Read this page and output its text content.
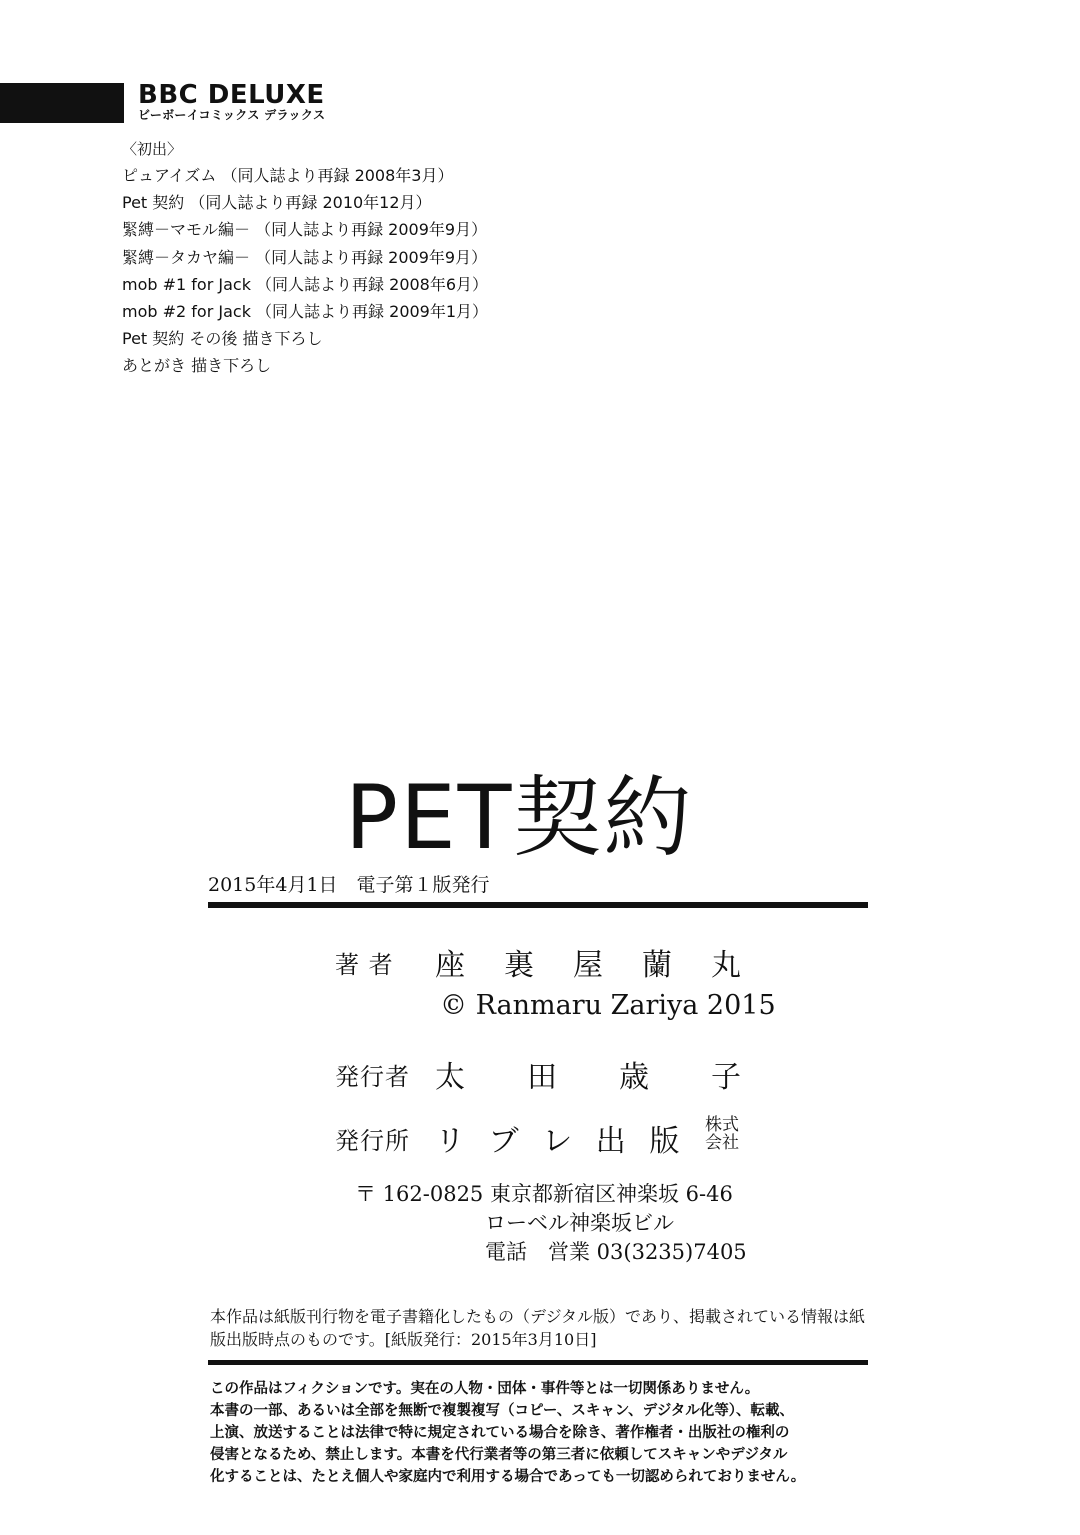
BBC DELUXE
ビーボーイコミックス デラックス
〈初出〉
ピュアイズム （同人誌より再録 2008年3月）
Pet 契約 （同人誌より再録 2010年12月）
緊縛－マモル編－ （同人誌より再録 2009年9月）
緊縛－タカヤ編－ （同人誌より再録 2009年9月）
mob #1 for Jack （同人誌より再録 2008年6月）
mob #2 for Jack （同人誌より再録 2009年1月）
Pet 契約 その後 描き下ろし
あとがき 描き下ろし
PET契約
2015年4月1日　電子第１版発行
著 者	座 裏 屋 蘭 丸
© Ranmaru Zariya 2015
発行者 太 田 歳 子
発行所 リ ブ レ 出 版 株式
会社
〒 162-0825 東京都新宿区神楽坂 6-46
ローベル神楽坂ビル
電話　営業 03(3235)7405
本作品は紙版刊行物を電子書籍化したもの（デジタル版）であり、掲載されている情報は紙版出版時点のものです。[紙版発行：2015年3月10日]

この作品はフィクションです。実在の人物・団体・事件等とは一切関係ありません。

本書の一部、あるいは全部を無断で複製複写（コピー、スキャン、デジタル化等）、転載、

上演、放送することは法律で特に規定されている場合を除き、著作権者・出版社の権利の

侵害となるため、禁止します。本書を代行業者等の第三者に依頼してスキャンやデジタル

化することは、たとえ個人や家庭内で利用する場合であっても一切認められておりません。
